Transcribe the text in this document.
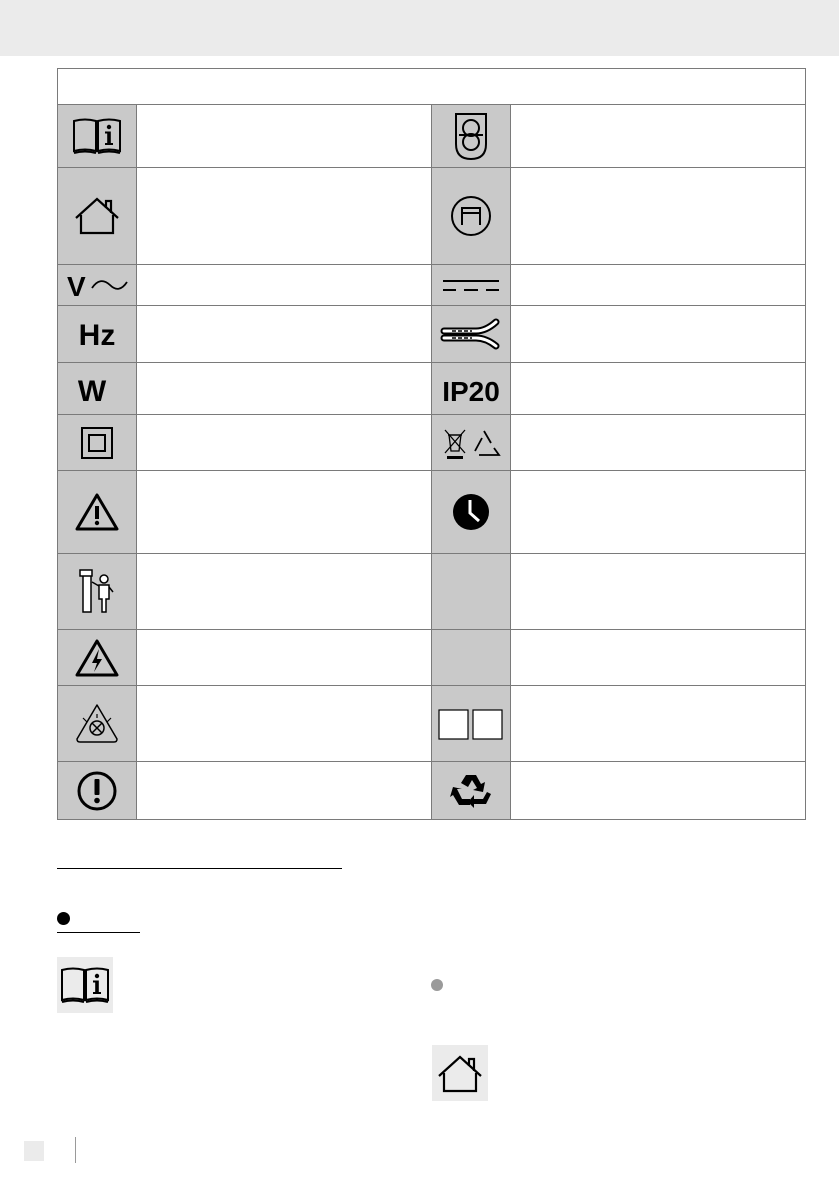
V

Hz

W		IP20	
